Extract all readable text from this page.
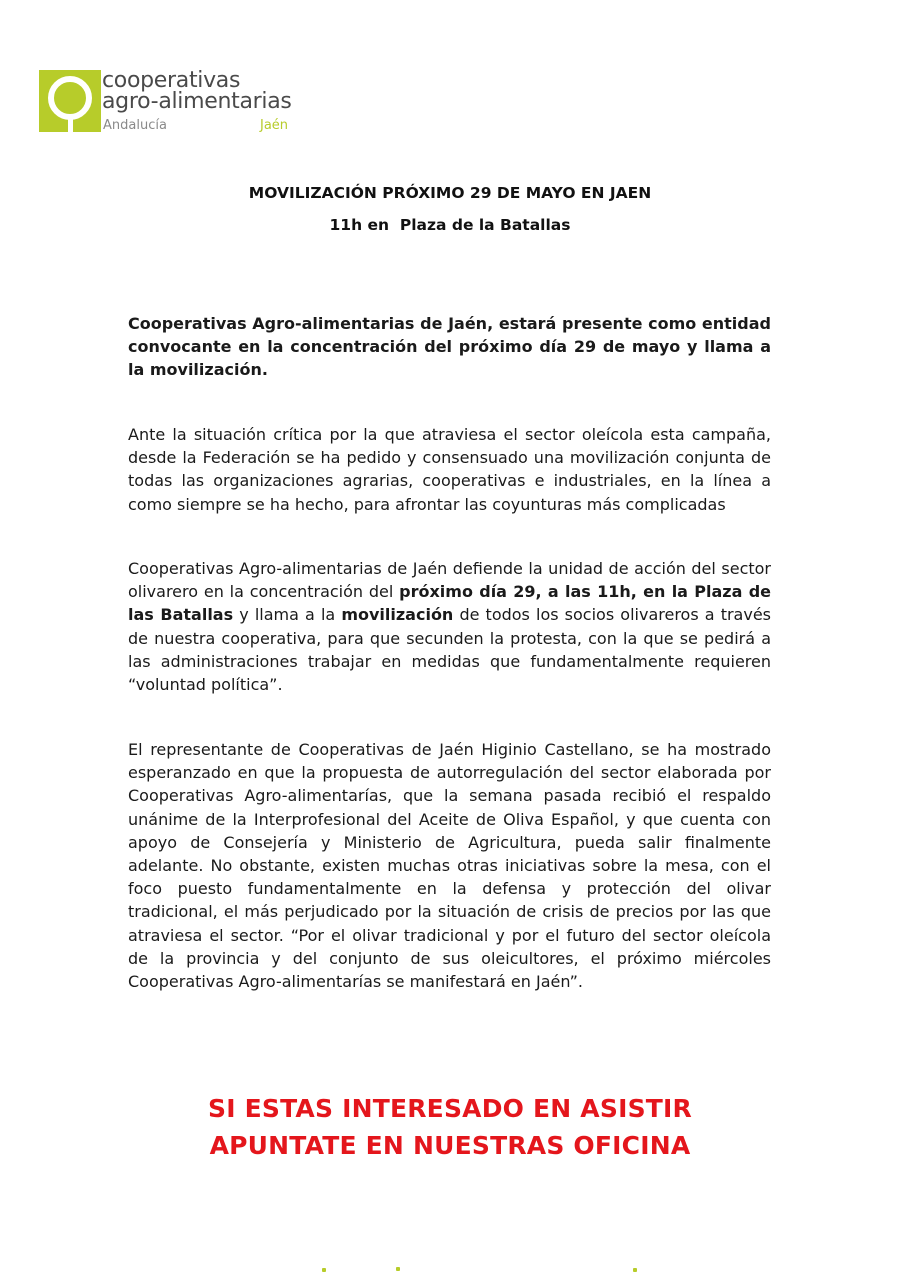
cooperativas
agro-alimentarias
Andalucía	Jaén
MOVILIZACIÓN PRÓXIMO 29 DE MAYO EN JAEN
11h en  Plaza de la Batallas
Cooperativas Agro-alimentarias de Jaén, estará presente como entidad convocante en la concentración del próximo día 29 de mayo y llama a la movilización.
Ante la situación crítica por la que atraviesa el sector oleícola esta campaña, desde la Federación se ha pedido y consensuado una movilización conjunta de todas las organizaciones agrarias, cooperativas e industriales, en la línea a como siempre se ha hecho, para afrontar las coyunturas más complicadas
Cooperativas Agro-alimentarias de Jaén defiende la unidad de acción del sector olivarero en la concentración del próximo día 29, a las 11h, en la Plaza de las Batallas y llama a la movilización de todos los socios olivareros a través de nuestra cooperativa, para que secunden la protesta, con la que se pedirá a las administraciones trabajar en medidas que fundamentalmente requieren “voluntad política”.
El representante de Cooperativas de Jaén Higinio Castellano, se ha mostrado esperanzado en que la propuesta de autorregulación del sector elaborada por Cooperativas Agro-alimentarías, que la semana pasada recibió el respaldo unánime de la Interprofesional del Aceite de Oliva Español, y que cuenta con apoyo de Consejería y Ministerio de Agricultura, pueda salir finalmente adelante. No obstante, existen muchas otras iniciativas sobre la mesa, con el foco puesto fundamentalmente en la defensa y protección del olivar tradicional, el más perjudicado por la situación de crisis de precios por las que atraviesa el sector. “Por el olivar tradicional y por el futuro del sector oleícola de la provincia y del conjunto de sus oleicultores, el próximo miércoles Cooperativas Agro-alimentarías se manifestará en Jaén”.
SI ESTAS INTERESADO EN ASISTIR
APUNTATE EN NUESTRAS OFICINA
